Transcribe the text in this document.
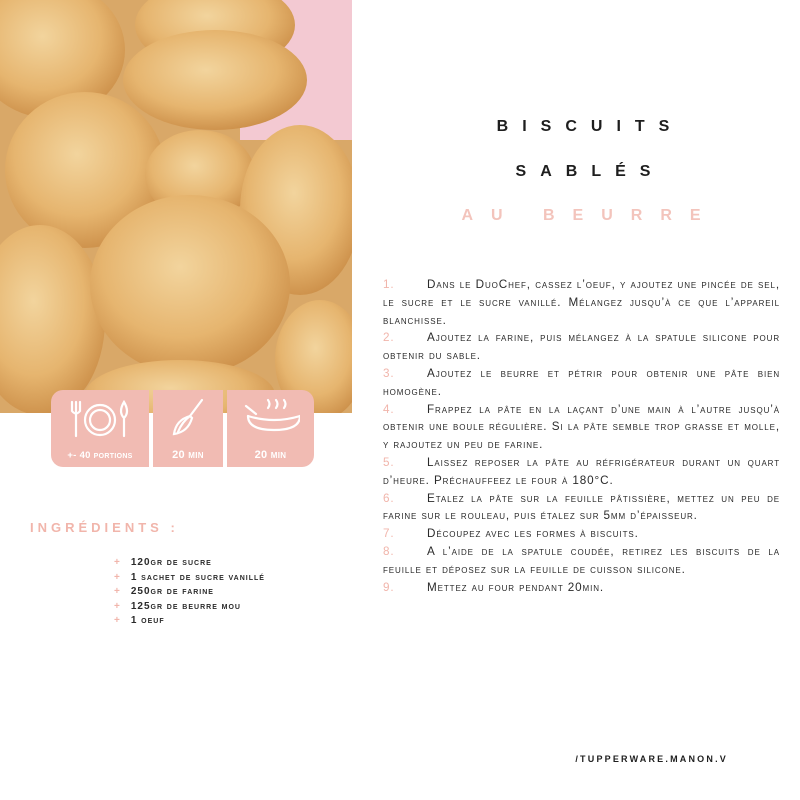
+- 40 portions	20 min	20 min
INGRÉDIENTS :
+ 120gr de sucre
+ 1 sachet de sucre vanillé
+ 250gr de farine
+ 125gr de beurre mou
+ 1 oeuf
BISCUITS
SABLÉS
AU BEURRE
1.	Dans le DuoChef, cassez l’oeuf, y ajoutez une pincée de sel, le sucre et le sucre vanillé. Mélangez jusqu’à ce que l’appareil blanchisse.
2.	Ajoutez la farine, puis mélangez à la spatule silicone pour obtenir du sable.
3.	Ajoutez le beurre et pétrir pour obtenir une pâte bien homogène.
4.	Frappez la pâte en la laçant d’une main à l’autre jusqu’à obtenir une boule régulière. Si la pâte semble trop grasse et molle, y rajoutez un peu de farine.
5.	Laissez reposer la pâte au réfrigérateur durant un quart d’heure. Préchauffeez le four à 180°C.
6.	Etalez la pâte sur la feuille pâtissière, mettez un peu de farine sur le rouleau, puis étalez sur 5mm d’épaisseur.
7.	Découpez avec les formes à biscuits.
8.	A l’aide de la spatule coudée, retirez les biscuits de la feuille et déposez sur la feuille de cuisson silicone.
9.	Mettez au four pendant 20min.

/TUPPERWARE.MANON.V
